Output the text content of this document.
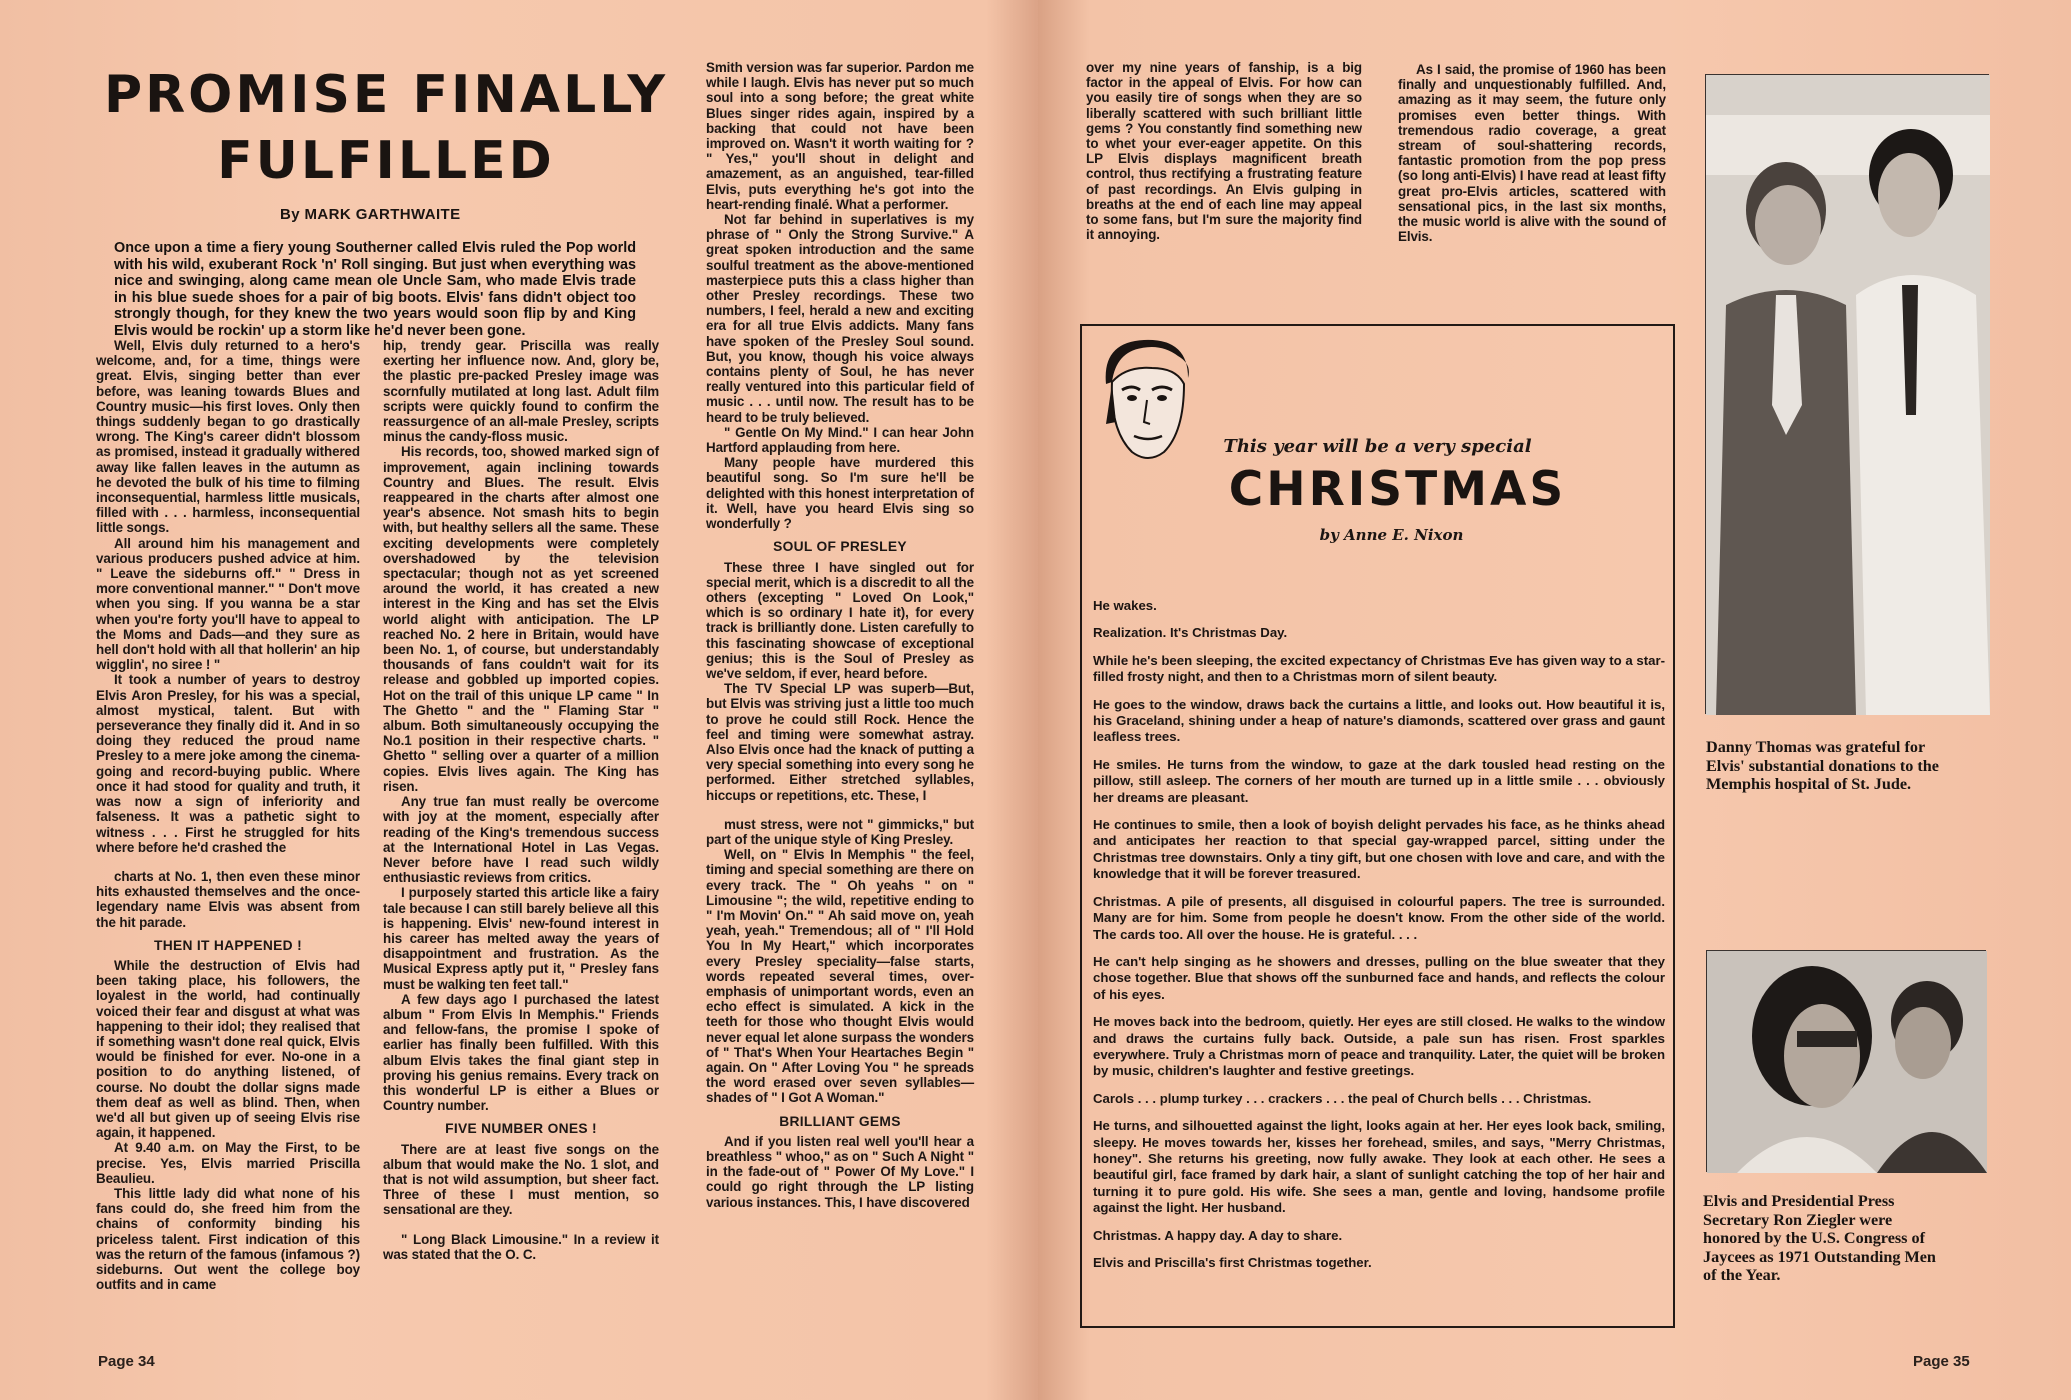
PROMISE FINALLY
FULFILLED
By MARK GARTHWAITE
Once upon a time a fiery young Southerner called Elvis ruled the Pop world with his wild, exuberant Rock 'n' Roll singing. But just when everything was nice and swinging, along came mean ole Uncle Sam, who made Elvis trade in his blue suede shoes for a pair of big boots. Elvis' fans didn't object too strongly though, for they knew the two years would soon flip by and King Elvis would be rockin' up a storm like he'd never been gone.

Well, Elvis duly returned to a hero's welcome, and, for a time, things were great. Elvis, singing better than ever before, was leaning towards Blues and Country music—his first loves. Only then things suddenly began to go drastically wrong. The King's career didn't blossom as promised, instead it gradually withered away like fallen leaves in the autumn as he devoted the bulk of his time to filming inconsequential, harmless little musicals, filled with . . . harmless, inconsequential little songs.

All around him his management and various producers pushed advice at him. " Leave the sideburns off." " Dress in more conventional manner." " Don't move when you sing. If you wanna be a star when you're forty you'll have to appeal to the Moms and Dads—and they sure as hell don't hold with all that hollerin' an hip wigglin', no siree ! "

It took a number of years to destroy Elvis Aron Presley, for his was a special, almost mystical, talent. But with perseverance they finally did it. And in so doing they reduced the proud name Presley to a mere joke among the cinema-going and record-buying public. Where once it had stood for quality and truth, it was now a sign of inferiority and falseness. It was a pathetic sight to witness . . . First he struggled for hits where before he'd crashed the

charts at No. 1, then even these minor hits exhausted themselves and the once-legendary name Elvis was absent from the hit parade.

THEN IT HAPPENED !

While the destruction of Elvis had been taking place, his followers, the loyalest in the world, had continually voiced their fear and disgust at what was happening to their idol; they realised that if something wasn't done real quick, Elvis would be finished for ever. No-one in a position to do anything listened, of course. No doubt the dollar signs made them deaf as well as blind. Then, when we'd all but given up of seeing Elvis rise again, it happened.

At 9.40 a.m. on May the First, to be precise. Yes, Elvis married Priscilla Beaulieu.

This little lady did what none of his fans could do, she freed him from the chains of conformity binding his priceless talent. First indication of this was the return of the famous (infamous ?) sideburns. Out went the college boy outfits and in came

hip, trendy gear. Priscilla was really exerting her influence now. And, glory be, the plastic pre-packed Presley image was scornfully mutilated at long last. Adult film scripts were quickly found to confirm the reassurgence of an all-male Presley, scripts minus the candy-floss music.

His records, too, showed marked sign of improvement, again inclining towards Country and Blues. The result. Elvis reappeared in the charts after almost one year's absence. Not smash hits to begin with, but healthy sellers all the same. These exciting developments were completely overshadowed by the television spectacular; though not as yet screened around the world, it has created a new interest in the King and has set the Elvis world alight with anticipation. The LP reached No. 2 here in Britain, would have been No. 1, of course, but understandably thousands of fans couldn't wait for its release and gobbled up imported copies. Hot on the trail of this unique LP came " In The Ghetto " and the " Flaming Star " album. Both simultaneously occupying the No.1 position in their respective charts. " Ghetto " selling over a quarter of a million copies. Elvis lives again. The King has risen.

Any true fan must really be overcome with joy at the moment, especially after reading of the King's tremendous success at the International Hotel in Las Vegas. Never before have I read such wildly enthusiastic reviews from critics.

I purposely started this article like a fairy tale because I can still barely believe all this is happening. Elvis' new-found interest in his career has melted away the years of disappointment and frustration. As the Musical Express aptly put it, " Presley fans must be walking ten feet tall."

A few days ago I purchased the latest album " From Elvis In Memphis." Friends and fellow-fans, the promise I spoke of earlier has finally been fulfilled. With this album Elvis takes the final giant step in proving his genius remains. Every track on this wonderful LP is either a Blues or Country number.

FIVE NUMBER ONES !

There are at least five songs on the album that would make the No. 1 slot, and that is not wild assumption, but sheer fact. Three of these I must mention, so sensational are they.

" Long Black Limousine." In a review it was stated that the O. C.

Smith version was far superior. Pardon me while I laugh. Elvis has never put so much soul into a song before; the great white Blues singer rides again, inspired by a backing that could not have been improved on. Wasn't it worth waiting for ? " Yes," you'll shout in delight and amazement, as an anguished, tear-filled Elvis, puts everything he's got into the heart-rending finalé. What a performer.

Not far behind in superlatives is my phrase of " Only the Strong Survive." A great spoken introduction and the same soulful treatment as the above-mentioned masterpiece puts this a class higher than other Presley recordings. These two numbers, I feel, herald a new and exciting era for all true Elvis addicts. Many fans have spoken of the Presley Soul sound. But, you know, though his voice always contains plenty of Soul, he has never really ventured into this particular field of music . . . until now. The result has to be heard to be truly believed.

" Gentle On My Mind." I can hear John Hartford applauding from here.

Many people have murdered this beautiful song. So I'm sure he'll be delighted with this honest interpretation of it. Well, have you heard Elvis sing so wonderfully ?

SOUL OF PRESLEY

These three I have singled out for special merit, which is a discredit to all the others (excepting " Loved On Look," which is so ordinary I hate it), for every track is brilliantly done. Listen carefully to this fascinating showcase of exceptional genius; this is the Soul of Presley as we've seldom, if ever, heard before.

The TV Special LP was superb—But, but Elvis was striving just a little too much to prove he could still Rock. Hence the feel and timing were somewhat astray. Also Elvis once had the knack of putting a very special something into every song he performed. Either stretched syllables, hiccups or repetitions, etc. These, I

must stress, were not " gimmicks," but part of the unique style of King Presley.

Well, on " Elvis In Memphis " the feel, timing and special something are there on every track. The " Oh yeahs " on " Limousine "; the wild, repetitive ending to " I'm Movin' On." " Ah said move on, yeah yeah, yeah." Tremendous; all of " I'll Hold You In My Heart," which incorporates every Presley speciality—false starts, words repeated several times, over-emphasis of unimportant words, even an echo effect is simulated. A kick in the teeth for those who thought Elvis would never equal let alone surpass the wonders of " That's When Your Heartaches Begin " again. On " After Loving You " he spreads the word erased over seven syllables—shades of " I Got A Woman."

BRILLIANT GEMS

And if you listen real well you'll hear a breathless " whoo," as on " Such A Night " in the fade-out of " Power Of My Love." I could go right through the LP listing various instances. This, I have discovered

Page 34

over my nine years of fanship, is a big factor in the appeal of Elvis. For how can you easily tire of songs when they are so liberally scattered with such brilliant little gems ? You constantly find something new to whet your ever-eager appetite. On this LP Elvis displays magnificent breath control, thus rectifying a frustrating feature of past recordings. An Elvis gulping in breaths at the end of each line may appeal to some fans, but I'm sure the majority find it annoying.

As I said, the promise of 1960 has been finally and unquestionably fulfilled. And, amazing as it may seem, the future only promises even better things. With tremendous radio coverage, a great stream of soul-shattering records, fantastic promotion from the pop press (so long anti-Elvis) I have read at least fifty great pro-Elvis articles, scattered with sensational pics, in the last six months, the music world is alive with the sound of Elvis.

Danny Thomas was grateful for Elvis' substantial donations to the Memphis hospital of St. Jude.
Elvis and Presidential Press Secretary Ron Ziegler were honored by the U.S. Congress of Jaycees as 1971 Outstanding Men of the Year.
Page 35
This year will be a very special
CHRISTMAS
by Anne E. Nixon

He wakes.

Realization. It's Christmas Day.

While he's been sleeping, the excited expectancy of Christmas Eve has given way to a star-filled frosty night, and then to a Christmas morn of silent beauty.

He goes to the window, draws back the curtains a little, and looks out. How beautiful it is, his Graceland, shining under a heap of nature's diamonds, scattered over grass and gaunt leafless trees.

He smiles. He turns from the window, to gaze at the dark tousled head resting on the pillow, still asleep. The corners of her mouth are turned up in a little smile . . . obviously her dreams are pleasant.

He continues to smile, then a look of boyish delight pervades his face, as he thinks ahead and anticipates her reaction to that special gay-wrapped parcel, sitting under the Christmas tree downstairs. Only a tiny gift, but one chosen with love and care, and with the knowledge that it will be forever treasured.

Christmas. A pile of presents, all disguised in colourful papers. The tree is surrounded. Many are for him. Some from people he doesn't know. From the other side of the world. The cards too. All over the house. He is grateful. . . .

He can't help singing as he showers and dresses, pulling on the blue sweater that they chose together. Blue that shows off the sunburned face and hands, and reflects the colour of his eyes.

He moves back into the bedroom, quietly. Her eyes are still closed. He walks to the window and draws the curtains fully back. Outside, a pale sun has risen. Frost sparkles everywhere. Truly a Christmas morn of peace and tranquility. Later, the quiet will be broken by music, children's laughter and festive greetings.

Carols . . . plump turkey . . . crackers . . . the peal of Church bells . . . Christmas.

He turns, and silhouetted against the light, looks again at her. Her eyes look back, smiling, sleepy. He moves towards her, kisses her forehead, smiles, and says, "Merry Christmas, honey". She returns his greeting, now fully awake. They look at each other. He sees a beautiful girl, face framed by dark hair, a slant of sunlight catching the top of her hair and turning it to pure gold. His wife. She sees a man, gentle and loving, handsome profile against the light. Her husband.

Christmas. A happy day. A day to share.

Elvis and Priscilla's first Christmas together.
